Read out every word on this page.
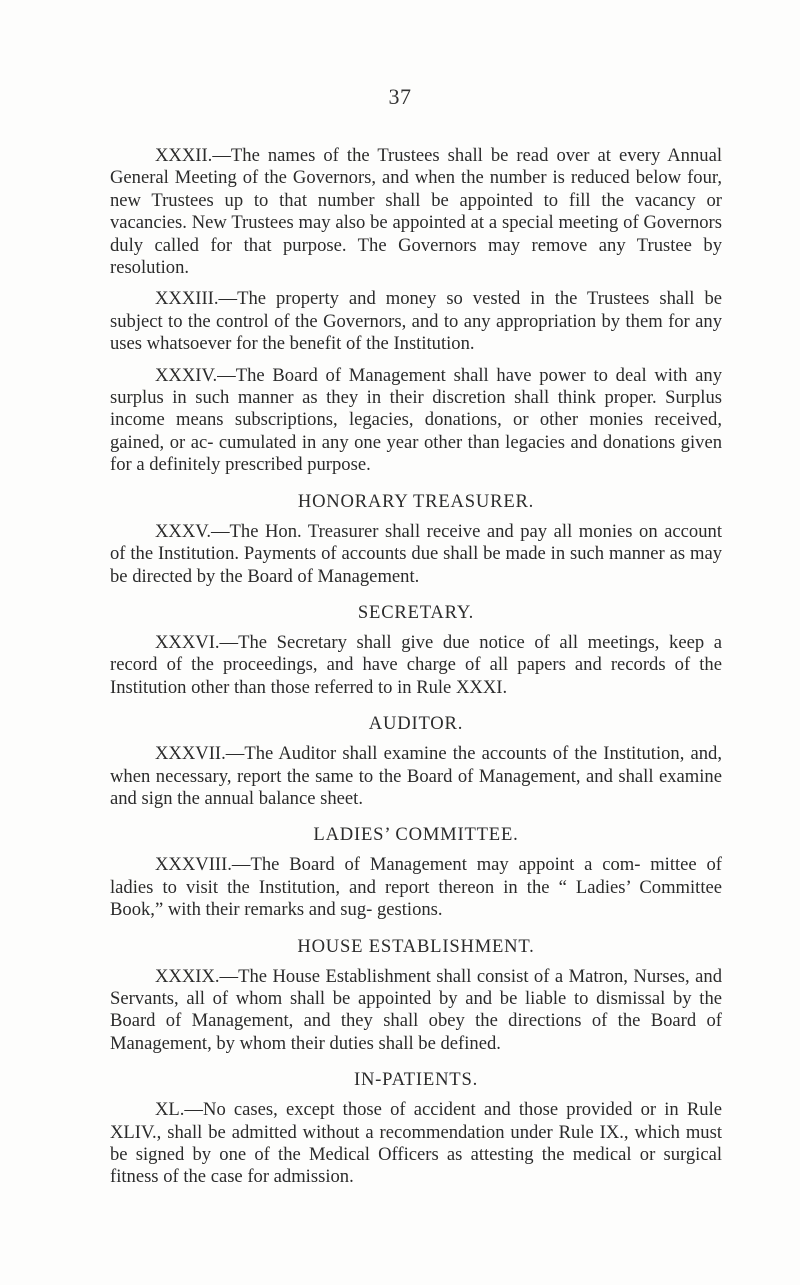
37

XXXII.—The names of the Trustees shall be read over at every Annual General Meeting of the Governors, and when the number is reduced below four, new Trustees up to that number shall be appointed to fill the vacancy or vacancies. New Trustees may also be appointed at a special meeting of Governors duly called for that purpose. The Governors may remove any Trustee by resolution.

XXXIII.—The property and money so vested in the Trustees shall be subject to the control of the Governors, and to any appropriation by them for any uses whatsoever for the benefit of the Institution.

XXXIV.—The Board of Management shall have power to deal with any surplus in such manner as they in their discretion shall think proper. Surplus income means subscriptions, legacies, donations, or other monies received, gained, or ac- cumulated in any one year other than legacies and donations given for a definitely prescribed purpose.

HONORARY TREASURER.

XXXV.—The Hon. Treasurer shall receive and pay all monies on account of the Institution. Payments of accounts due shall be made in such manner as may be directed by the Board of Management.

SECRETARY.

XXXVI.—The Secretary shall give due notice of all meetings, keep a record of the proceedings, and have charge of all papers and records of the Institution other than those referred to in Rule XXXI.

AUDITOR.

XXXVII.—The Auditor shall examine the accounts of the Institution, and, when necessary, report the same to the Board of Management, and shall examine and sign the annual balance sheet.

LADIES’ COMMITTEE.

XXXVIII.—The Board of Management may appoint a com- mittee of ladies to visit the Institution, and report thereon in the “ Ladies’ Committee Book,” with their remarks and sug- gestions.

HOUSE ESTABLISHMENT.

XXXIX.—The House Establishment shall consist of a Matron, Nurses, and Servants, all of whom shall be appointed by and be liable to dismissal by the Board of Management, and they shall obey the directions of the Board of Management, by whom their duties shall be defined.

IN-PATIENTS.

XL.—No cases, except those of accident and those provided or in Rule XLIV., shall be admitted without a recommendation under Rule IX., which must be signed by one of the Medical Officers as attesting the medical or surgical fitness of the case for admission.
